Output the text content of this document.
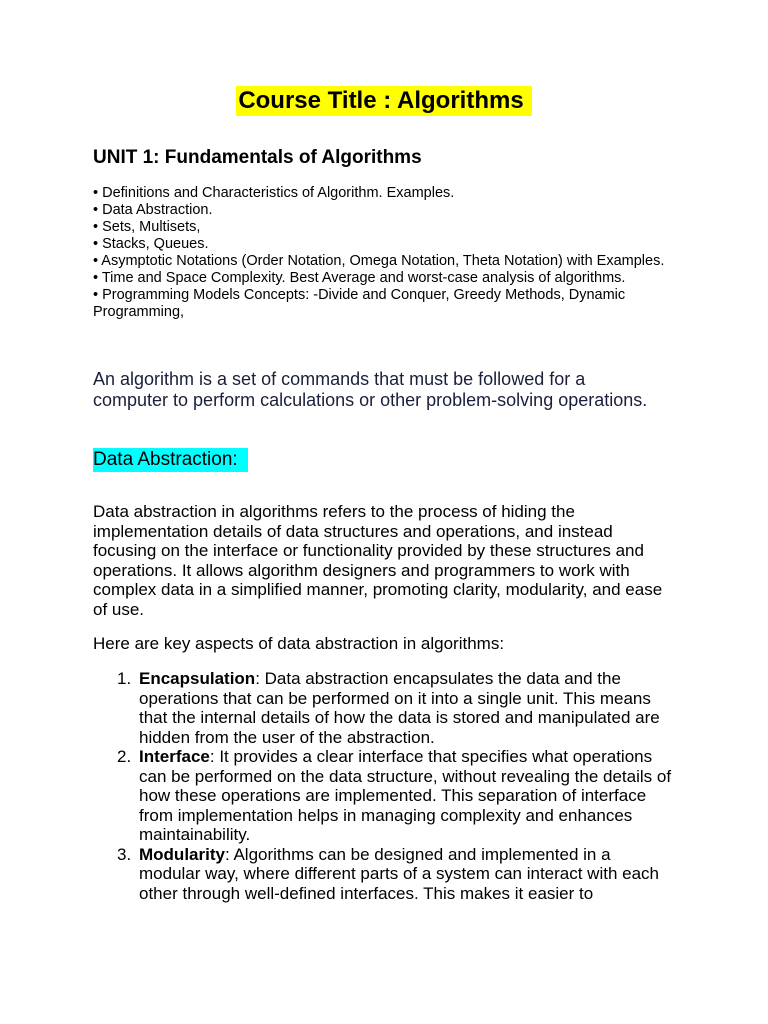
Course Title : Algorithms
UNIT 1: Fundamentals of Algorithms
• Definitions and Characteristics of Algorithm. Examples.
• Data Abstraction.
• Sets, Multisets,
• Stacks, Queues.
• Asymptotic Notations (Order Notation, Omega Notation, Theta Notation) with Examples.
• Time and Space Complexity. Best Average and worst-case analysis of algorithms.
• Programming Models Concepts: -Divide and Conquer, Greedy Methods, Dynamic Programming,

An algorithm is a set of commands that must be followed for a computer to perform calculations or other problem-solving operations.

Data Abstraction:

Data abstraction in algorithms refers to the process of hiding the implementation details of data structures and operations, and instead focusing on the interface or functionality provided by these structures and operations. It allows algorithm designers and programmers to work with complex data in a simplified manner, promoting clarity, modularity, and ease of use.

Here are key aspects of data abstraction in algorithms:

1. Encapsulation: Data abstraction encapsulates the data and the operations that can be performed on it into a single unit. This means that the internal details of how the data is stored and manipulated are hidden from the user of the abstraction.
2. Interface: It provides a clear interface that specifies what operations can be performed on the data structure, without revealing the details of how these operations are implemented. This separation of interface from implementation helps in managing complexity and enhances maintainability.
3. Modularity: Algorithms can be designed and implemented in a modular way, where different parts of a system can interact with each other through well-defined interfaces. This makes it easier to
